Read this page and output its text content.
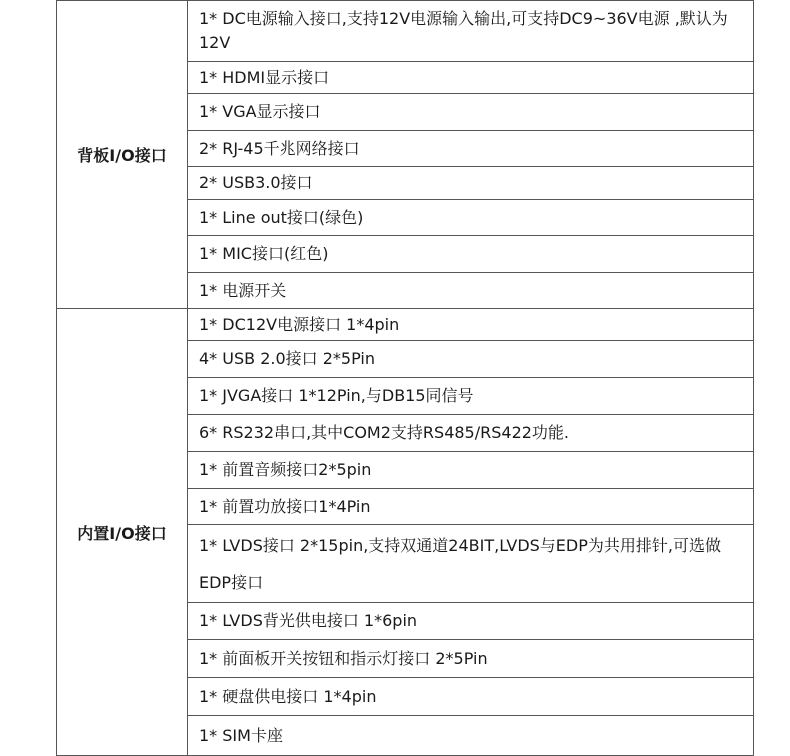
背板I/O接口	1* DC电源输入接口,支持12V电源输入输出,可支持DC9~36V电源 ,默认为12V
	1* HDMI显示接口
	1* VGA显示接口
	2* RJ-45千兆网络接口
	2* USB3.0接口
	1* Line out接口(绿色)
	1* MIC接口(红色)
	1* 电源开关
内置I/O接口	1* DC12V电源接口 1*4pin
	4* USB 2.0接口 2*5Pin
	1* JVGA接口 1*12Pin,与DB15同信号
	6* RS232串口,其中COM2支持RS485/RS422功能.
	1* 前置音频接口2*5pin
	1* 前置功放接口1*4Pin
	1* LVDS接口 2*15pin,支持双通道24BIT,LVDS与EDP为共用排针,可选做EDP接口
	1* LVDS背光供电接口 1*6pin
	1* 前面板开关按钮和指示灯接口 2*5Pin
	1* 硬盘供电接口 1*4pin
	1* SIM卡座
